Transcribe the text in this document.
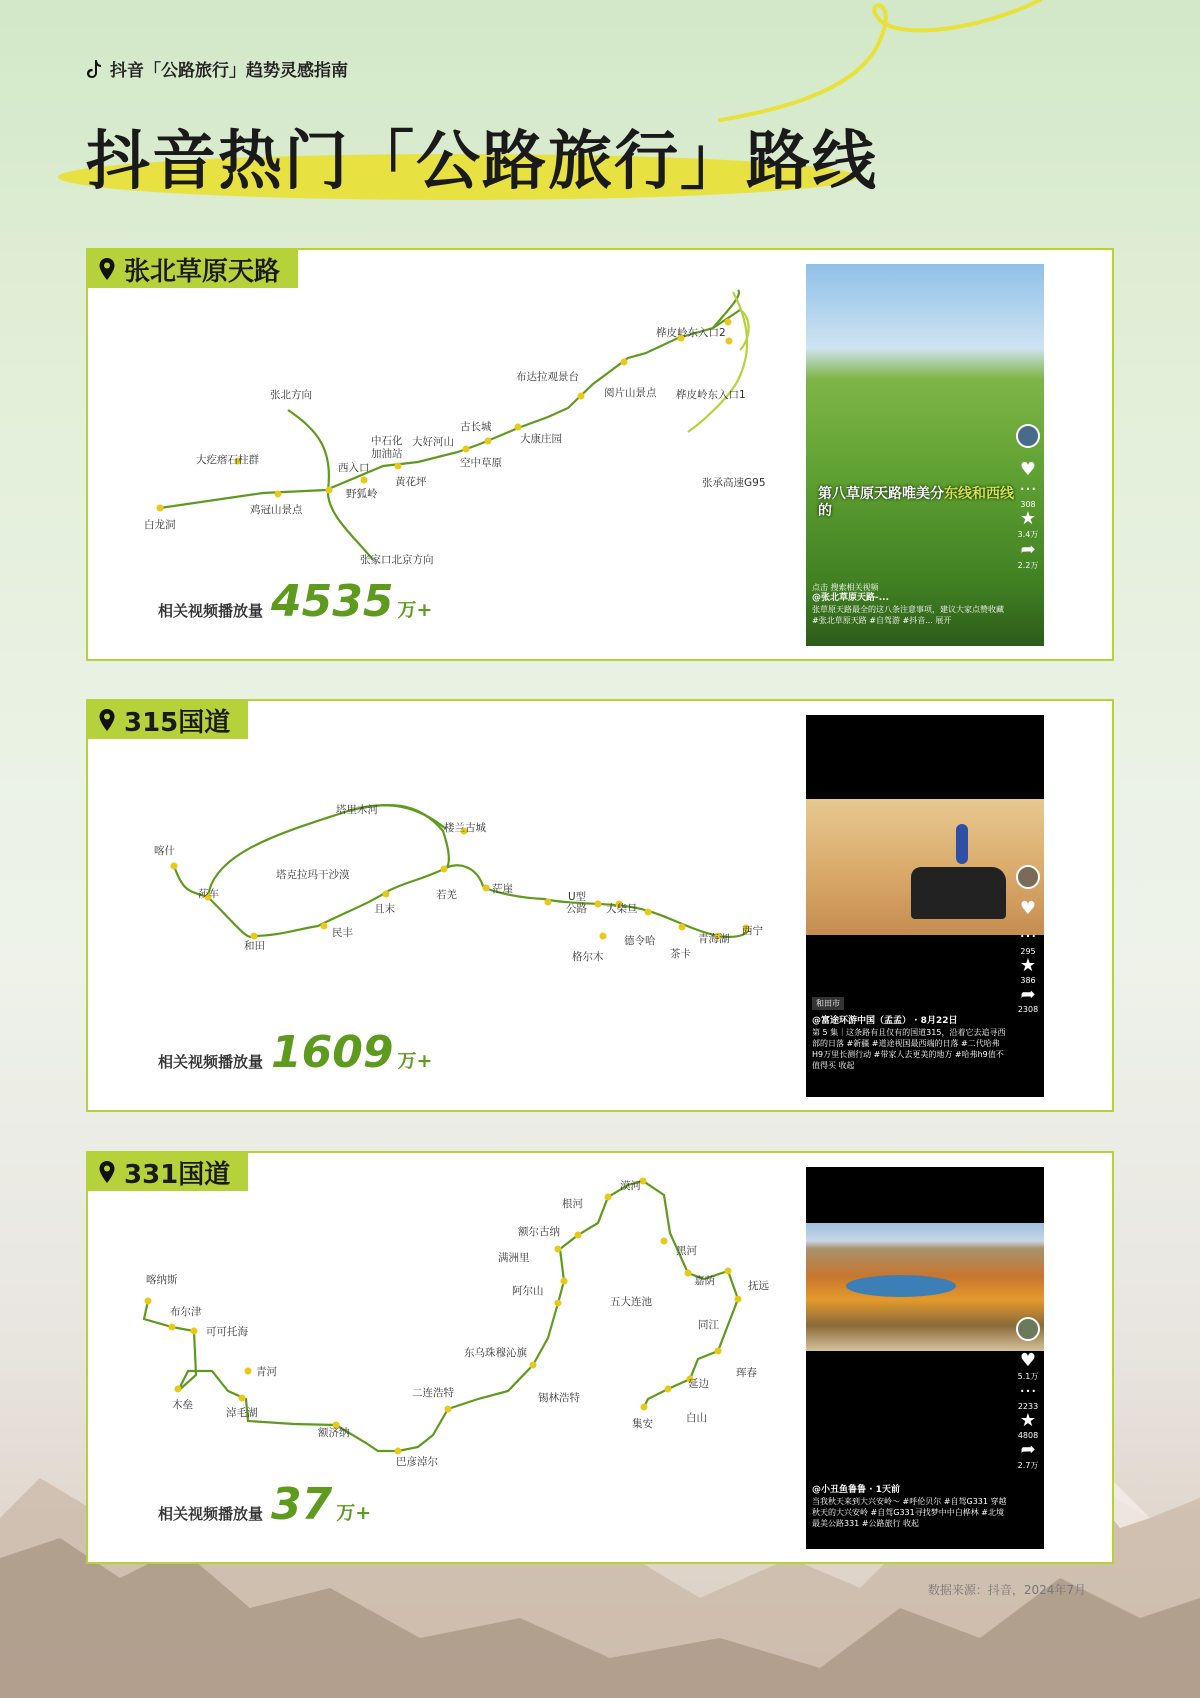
抖音「公路旅行」趋势灵感指南
抖音热门「公路旅行」路线
张北草原天路
张北方向
大疙瘩石柱群
白龙洞
鸡冠山景点
西入口
野狐岭
中石化
加油站
大好河山
黄花坪
古长城
空中草原
大康庄园
布达拉观景台
阅片山景点
桦皮岭东入口2
桦皮岭东入口1
张承高速G95
张家口北京方向
相关视频播放量 4535 万+
第八草原天路唯美分东线和西线
的
♥
···
308
★
3.4万
➦
2.2万
点击 搜索相关视频
@张北草原天路-...
张草原天路最全的这八条注意事项，建议大家点赞收藏 #张北草原天路 #自驾游 #抖音... 展开
315国道
塔里木河
楼兰古城
喀什
莎车
塔克拉玛干沙漠
和田
民丰
且末
若羌	茫崖
U型
公路 大柴旦
德令哈
格尔木	茶卡
青海湖
西宁
相关视频播放量 1609 万+
♥
···
295
★
386
➦
2308
和田市
@富途环游中国（孟孟） · 8月22日
第 5 集｜这条路有且仅有的国道315，沿着它去追寻西部的日落 #新疆 #道途视国最西端的日落 #二代哈弗H9万里长测行动 #带家人去更美的地方 #哈弗h9值不值得买 收起
331国道
喀纳斯
布尔津
可可托海
青河
木垒
淖毛湖
额济纳
巴彦淖尔
二连浩特	锡林浩特
东乌珠穆沁旗
阿尔山
满洲里
额尔古纳
根河
漠河
黑河
五大连池
嘉荫
同江
抚远
珲春
延边
白山
集安
相关视频播放量 37 万+
♥
5.1万
···
2233
★
4808
➦
2.7万
@小丑鱼鲁鲁 · 1天前
当我秋天来到大兴安岭～ #呼伦贝尔 #自驾G331 穿越秋天的大兴安岭 #自驾G331寻找梦中中白桦林 #北境最美公路331 #公路旅行 收起
数据来源：抖音，2024年7月
